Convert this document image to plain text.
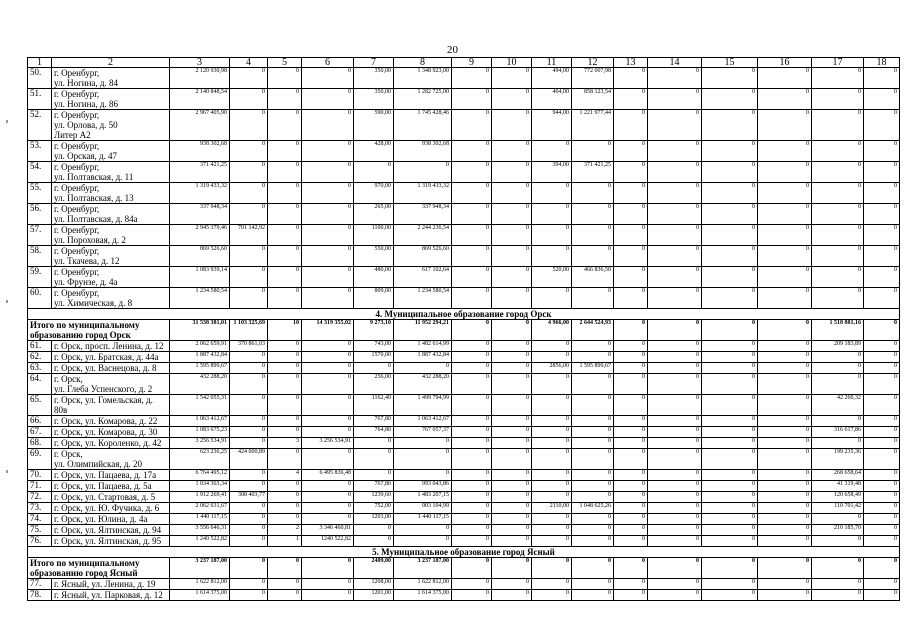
20
1	2	3	4	5	6	7	8	9	10	11	12	13	14	15	16	17	18
50.	г. Оренбург,
ул. Ногина, д. 84	2 120 930,98	0	0	0	350,00	1 348 923,00	0	0	494,00	772 007,98	0	0	0	0	0	0
51.	г. Оренбург,
ул. Ногина, д. 86	2 140 848,54	0	0	0	350,00	1 282 725,00	0	0	464,00	858 123,54	0	0	0	0	0	0
52.	г. Оренбург,
ул. Орлова, д. 50
Литер А2	2 967 405,90	0	0	0	590,00	1 745 428,46	0	0	944,00	1 221 977,44	0	0	0	0	0	0
53.	г. Оренбург,
ул. Орская, д. 47	938 302,68	0	0	0	428,00	938 302,68	0	0	0	0	0	0	0	0	0	0
54.	г. Оренбург,
ул. Полтавская, д. 11	371 421,25	0	0	0	0	0	0	0	394,00	371 421,25	0	0	0	0	0	0
55.	г. Оренбург,
ул. Полтавская, д. 13	1 319 433,32	0	0	0	970,00	1 319 433,32	0	0	0	0	0	0	0	0	0	0
56.	г. Оренбург,
ул. Полтавская, д. 84а	337 948,34	0	0	0	265,00	337 948,34	0	0	0	0	0	0	0	0	0	0
57.	г. Оренбург,
ул. Пороховая, д. 2	2 945 379,46	701 142,92	0	0	1100,00	2 244 236,54	0	0	0	0	0	0	0	0	0	0
58.	г. Оренбург,
ул. Ткачева, д. 12	869 526,60	0	0	0	550,00	869 526,60	0	0	0	0	0	0	0	0	0	0
59.	г. Оренбург,
ул. Фрунзе, д. 4а	1 083 939,14	0	0	0	480,00	617 102,64	0	0	520,00	466 836,50	0	0	0	0	0	0
60.	г. Оренбург,
ул. Химическая, д. 8	1 234 580,54	0	0	0	809,00	1 234 580,54	0	0	0	0	0	0	0	0	0	0
4. Муниципальное образование город Орск																	
Итого по муниципальному
образованию город Орск		31 538 381,01	1 103 325,69	10	14 319 355,02	9 273,10	11 952 294,21	0	0	4 966,00	2 644 524,93	0	0	0	0	1 518 881,16	0
61.	г. Орск, просп. Ленина, д. 12	2 062 659,91	370 861,03	0	0	743,00	1 482 614,99	0	0	0	0	0	0	0	0	209 183,89	0
62.	г. Орск, ул. Братская, д. 44а	1 887 432,84	0	0	0	1570,00	1 887 432,84	0	0	0	0	0	0	0	0	0	0
63.	г. Орск, ул. Васнецова, д. 8	1 595 899,67	0	0	0	0	0	0	0	2856,00	1 595 899,67	0	0	0	0	0	0
64.	г. Орск,
ул. Глеба Успенского, д. 2	432 288,20	0	0	0	256,00	432 288,20	0	0	0	0	0	0	0	0	0	0
65.	г. Орск, ул. Гомельская, д. 80в	1 542 055,31	0	0	0	1162,40	1 499 794,99	0	0	0	0	0	0	0	0	42 260,32	0
66.	г. Орск, ул. Комарова, д. 22	1 063 412,67	0	0	0	767,80	1 063 412,67	0	0	0	0	0	0	0	0	0	0
67.	г. Орск, ул. Комарова, д. 30	1 083 675,23	0	0	0	764,80	767 057,37	0	0	0	0	0	0	0	0	316 617,86	0
68.	г. Орск, ул. Короленко, д. 42	3 256 534,91	0	3	3 256 534,91	0	0	0	0	0	0	0	0	0	0	0	0
69.	г. Орск,
ул. Олимпийская, д. 20	623 236,25	424 000,89	0	0	0	0	0	0	0	0	0	0	0	0	199 235,36	0
70.	г. Орск, ул. Пацаева, д. 17а	6 764 495,12	0	4	6 495 836,48	0	0	0	0	0	0	0	0	0	0	268 658,64	0
71.	г. Орск, ул. Пацаева, д. 5а	1 034 363,34	0	0	0	767,80	993 043,86	0	0	0	0	0	0	0	0	41 319,48	0
72.	г. Орск, ул. Стартовая, д. 5	1 912 269,41	308 403,77	0	0	1239,60	1 483 207,15	0	0	0	0	0	0	0	0	120 658,49	0
73.	г. Орск, ул. Ю. Фучика, д. 6	2 062 631,67	0	0	0	752,00	903 104,99	0	0	2110,00	1 048 625,26	0	0	0	0	110 701,42	0
74.	г. Орск, ул. Юлина, д. 4а	1 440 117,15	0	0	0	1203,00	1 440 117,15	0	0	0	0	0	0	0	0	0	0
75.	г. Орск, ул. Ялтинская, д. 94	3 556 646,31	0	2	3 346 460,81	0	0	0	0	0	0	0	0	0	0	210 185,70	0
76.	г. Орск, ул. Ялтинская, д. 95	1 240 522,82	0	1	1240 522,82	0	0	0	0	0	0	0	0	0	0	0	0
5. Муниципальное образование город Ясный																	
Итого по муниципальному
образованию город Ясный		3 237 187,00	0	0	0	2409,00	3 237 187,00	0	0	0	0	0	0	0	0	0	0
77.	г. Ясный, ул. Ленина, д. 19	1 622 812,00	0	0	0	1208,00	1 622 812,00	0	0	0	0	0	0	0	0	0	0
78.	г. Ясный, ул. Парковая, д. 12	1 614 375,00	0	0	0	1201,00	1 614 375,00	0	0	0	0	0	0	0	0	0	0
